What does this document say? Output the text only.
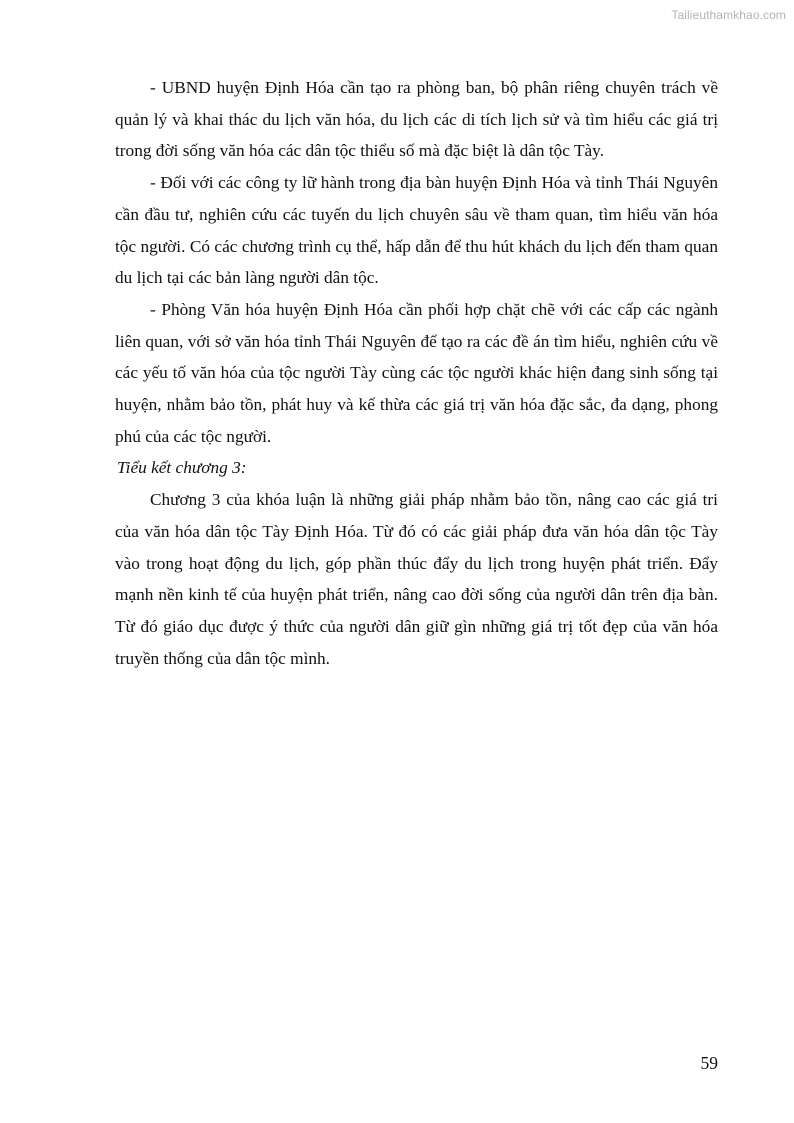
Tailieuthamkhao.com

- UBND huyện Định Hóa cần tạo ra phòng ban, bộ phân riêng chuyên trách về quản lý và khai thác du lịch văn hóa, du lịch các di tích lịch sử và tìm hiểu các giá trị trong đời sống văn hóa các dân tộc thiểu số mà đặc biệt là dân tộc Tày.

- Đối với các công ty lữ hành trong địa bàn huyện Định Hóa và tỉnh Thái Nguyên cần đầu tư, nghiên cứu các tuyến du lịch chuyên sâu về tham quan, tìm hiểu văn hóa tộc người. Có các chương trình cụ thể, hấp dẫn để thu hút khách du lịch đến tham quan du lịch tại các bản làng người dân tộc.

- Phòng Văn hóa huyện Định Hóa cần phối hợp chặt chẽ với các cấp các ngành liên quan, với sở văn hóa tỉnh Thái Nguyên để tạo ra các đề án tìm hiểu, nghiên cứu về các yếu tố văn hóa của tộc người Tày cùng các tộc người khác hiện đang sinh sống tại huyện, nhằm bảo tồn, phát huy và kế thừa các giá trị văn hóa đặc sắc, đa dạng, phong phú của các tộc người.

Tiểu kết chương 3:

Chương 3 của khóa luận là những giải pháp nhằm bảo tồn, nâng cao các giá tri của văn hóa dân tộc Tày Định Hóa. Từ đó có các giải pháp đưa văn hóa dân tộc Tày vào trong hoạt động du lịch, góp phần thúc đẩy du lịch trong huyện phát triển. Đẩy mạnh nền kinh tế của huyện phát triển, nâng cao đời sống của người dân trên địa bàn. Từ đó giáo dục được ý thức của người dân giữ gìn những giá trị tốt đẹp của văn hóa truyền thống của dân tộc mình.

59
